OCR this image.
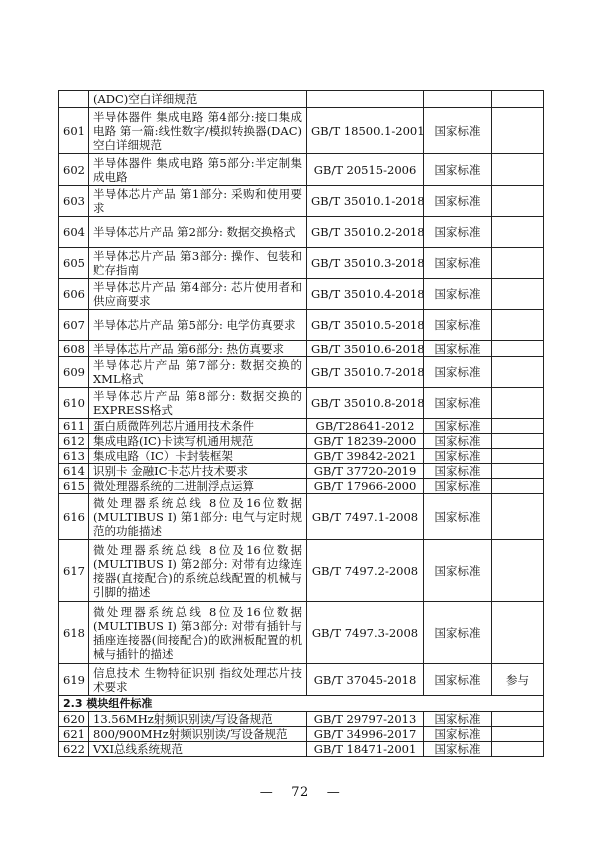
	(ADC)空白详细规范			
601	半导体器件 集成电路 第4部分:接口集成电路 第一篇:线性数字/模拟转换器(DAC)空白详细规范	GB/T 18500.1-2001	国家标准	
602	半导体器件 集成电路 第5部分:半定制集成电路	GB/T 20515-2006	国家标准	
603	半导体芯片产品 第1部分: 采购和使用要求	GB/T 35010.1-2018	国家标准	
604	半导体芯片产品 第2部分: 数据交换格式	GB/T 35010.2-2018	国家标准	
605	半导体芯片产品 第3部分: 操作、包装和贮存指南	GB/T 35010.3-2018	国家标准	
606	半导体芯片产品 第4部分: 芯片使用者和供应商要求	GB/T 35010.4-2018	国家标准	
607	半导体芯片产品 第5部分: 电学仿真要求	GB/T 35010.5-2018	国家标准	
608	半导体芯片产品 第6部分: 热仿真要求	GB/T 35010.6-2018	国家标准	
609	半导体芯片产品 第7部分: 数据交换的XML格式	GB/T 35010.7-2018	国家标准	
610	半导体芯片产品 第8部分: 数据交换的EXPRESS格式	GB/T 35010.8-2018	国家标准	
611	蛋白质微阵列芯片通用技术条件	GB/T28641-2012	国家标准	
612	集成电路(IC)卡读写机通用规范	GB/T 18239-2000	国家标准	
613	集成电路（IC）卡封装框架	GB/T 39842-2021	国家标准	
614	识别卡 金融IC卡芯片技术要求	GB/T 37720-2019	国家标准	
615	微处理器系统的二进制浮点运算	GB/T 17966-2000	国家标准	
616	微处理器系统总线 8位及16位数据(MULTIBUS I) 第1部分: 电气与定时规范的功能描述	GB/T 7497.1-2008	国家标准	
617	微处理器系统总线 8位及16位数据(MULTIBUS I) 第2部分: 对带有边缘连接器(直接配合)的系统总线配置的机械与引脚的描述	GB/T 7497.2-2008	国家标准	
618	微处理器系统总线 8位及16位数据(MULTIBUS I) 第3部分: 对带有插针与插座连接器(间接配合)的欧洲板配置的机械与插针的描述	GB/T 7497.3-2008	国家标准	
619	信息技术 生物特征识别 指纹处理芯片技术要求	GB/T 37045-2018	国家标准	参与
2.3 模块组件标准				
620	13.56MHz射频识别读/写设备规范	GB/T 29797-2013	国家标准	
621	800/900MHz射频识别读/写设备规范	GB/T 34996-2017	国家标准	
622	VXI总线系统规范	GB/T 18471-2001	国家标准	
— 72 —
